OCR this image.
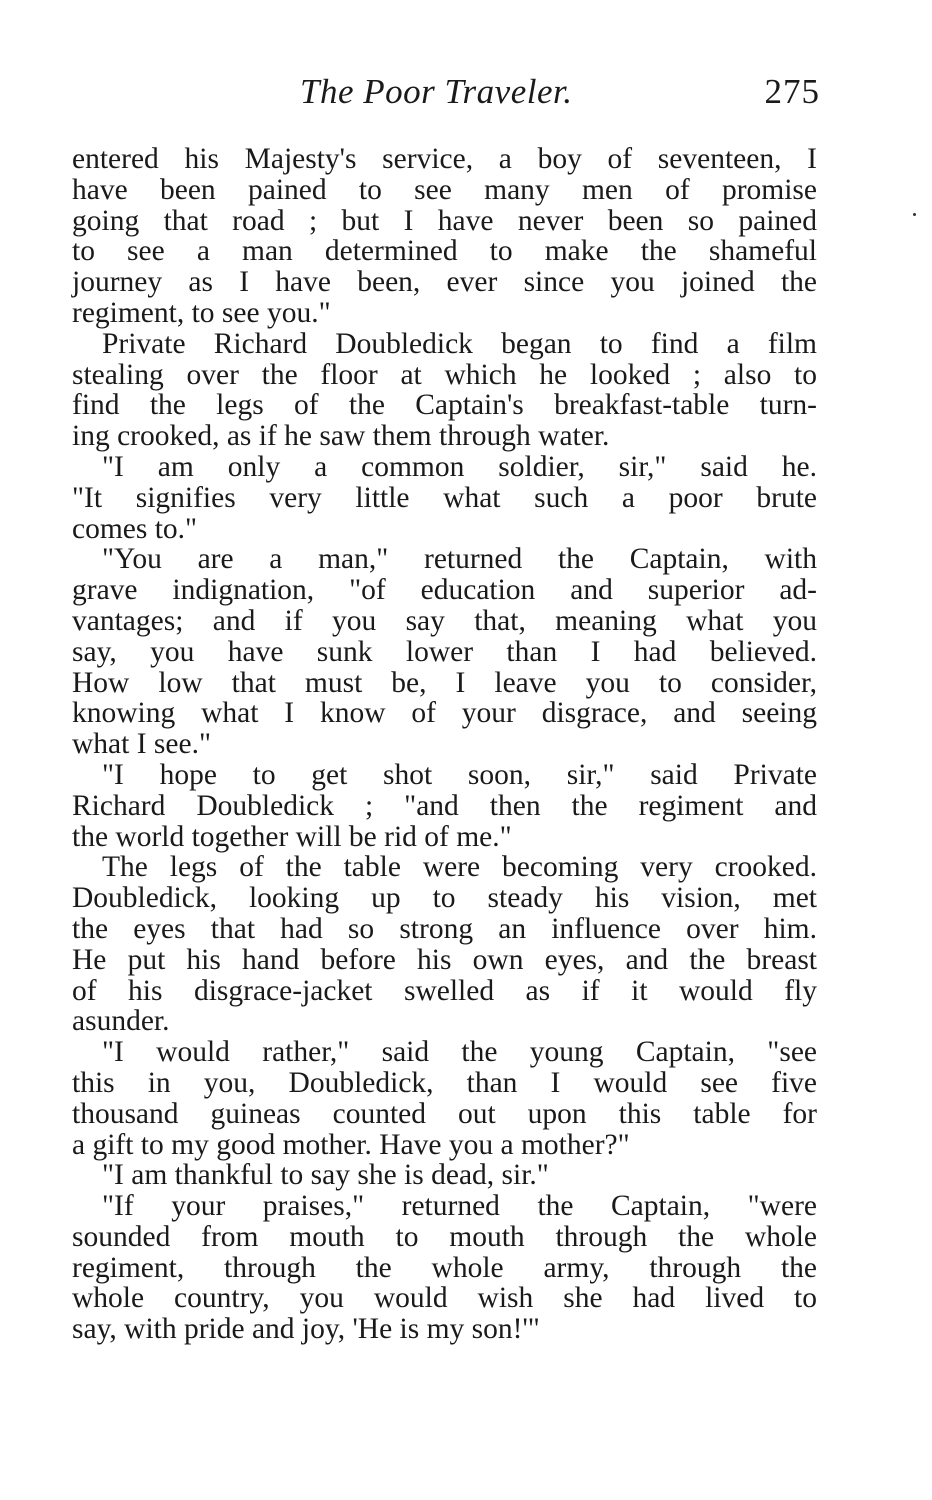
The Poor Traveler.	275
entered his Majesty's service, a boy of seventeen, I
have been pained to see many men of promise
going that road ; but I have never been so pained
to see a man determined to make the shameful
journey as I have been, ever since you joined the
regiment, to see you."
Private Richard Doubledick began to find a film
stealing over the floor at which he looked ; also to
find the legs of the Captain's breakfast-table turn-
ing crooked, as if he saw them through water.
"I am only a common soldier, sir," said he.
"It signifies very little what such a poor brute
comes to."
"You are a man," returned the Captain, with
grave indignation, "of education and superior ad-
vantages; and if you say that, meaning what you
say, you have sunk lower than I had believed.
How low that must be, I leave you to consider,
knowing what I know of your disgrace, and seeing
what I see."
"I hope to get shot soon, sir," said Private
Richard Doubledick ; "and then the regiment and
the world together will be rid of me."
The legs of the table were becoming very crooked.
Doubledick, looking up to steady his vision, met
the eyes that had so strong an influence over him.
He put his hand before his own eyes, and the breast
of his disgrace-jacket swelled as if it would fly
asunder.
"I would rather," said the young Captain, "see
this in you, Doubledick, than I would see five
thousand guineas counted out upon this table for
a gift to my good mother. Have you a mother?"
"I am thankful to say she is dead, sir."
"If your praises," returned the Captain, "were
sounded from mouth to mouth through the whole
regiment, through the whole army, through the
whole country, you would wish she had lived to
say, with pride and joy, 'He is my son!'"
